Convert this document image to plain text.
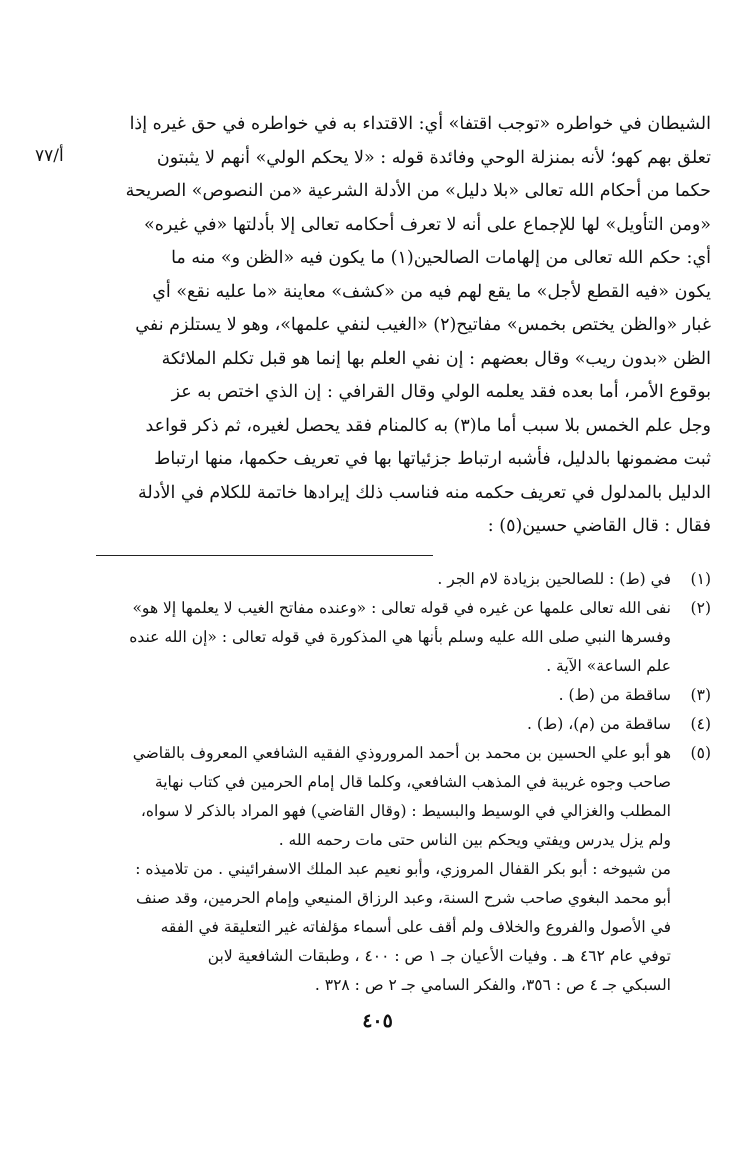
الشيطان في خواطره «توجب اقتفا» أي: الاقتداء به في خواطره في حق غيره إذا
تعلق بهم كهو؛ لأنه بمنزلة الوحي وفائدة قوله : «لا يحكم الولي» أنهم لا يثبتون
حكما من أحكام الله تعالى «بلا دليل» من الأدلة الشرعية «من النصوص» الصريحة
«ومن التأويل» لها للإجماع على أنه لا تعرف أحكامه تعالى إلا بأدلتها «في غيره»
أي: حكم الله تعالى من إلهامات الصالحين(١) ما يكون فيه «الظن و» منه ما
يكون «فيه القطع لأجل» ما يقع لهم فيه من «كشف» معاينة «ما عليه نقع» أي
غبار «والظن يختص بخمس» مفاتيح(٢) «الغيب لنفي علمها»، وهو لا يستلزم نفي
الظن «بدون ريب» وقال بعضهم : إن نفي العلم بها إنما هو قبل تكلم الملائكة
بوقوع الأمر، أما بعده فقد يعلمه الولي وقال القرافي : إن الذي اختص به عز
وجل علم الخمس بلا سبب أما ما(٣) به كالمنام فقد يحصل لغيره، ثم ذكر قواعد
ثبت مضمونها بالدليل، فأشبه ارتباط جزئياتها بها في تعريف حكمها، منها ارتباط
الدليل بالمدلول في تعريف حكمه منه فناسب ذلك إيرادها خاتمة للكلام في الأدلة
فقال : قال القاضي حسين(٥) :
أ/٧٧
(١)
في (ط) : للصالحين بزيادة لام الجر .
(٢)
نفى الله تعالى علمها عن غيره في قوله تعالى : «وعنده مفاتح الغيب لا يعلمها إلا هو»
وفسرها النبي صلى الله عليه وسلم بأنها هي المذكورة في قوله تعالى : «إن الله عنده
علم الساعة» الآية .
(٣)
ساقطة من (ط) .
(٤)
ساقطة من (م)، (ط) .
(٥)
هو أبو علي الحسين بن محمد بن أحمد المروروذي الفقيه الشافعي المعروف بالقاضي
صاحب وجوه غريبة في المذهب الشافعي، وكلما قال إمام الحرمين في كتاب نهاية
المطلب والغزالي في الوسيط والبسيط : (وقال القاضي) فهو المراد بالذكر لا سواه،
ولم يزل يدرس ويفتي ويحكم بين الناس حتى مات رحمه الله .
من شيوخه : أبو بكر القفال المروزي، وأبو نعيم عبد الملك الاسفرائيني . من تلاميذه :
أبو محمد البغوي صاحب شرح السنة، وعبد الرزاق المنيعي وإمام الحرمين، وقد صنف
في الأصول والفروع والخلاف ولم أقف على أسماء مؤلفاته غير التعليقة في الفقه
توفي عام ٤٦٢ هـ . وفيات الأعيان جـ ١ ص : ٤٠٠ ، وطبقات الشافعية لابن
السبكي جـ ٤ ص : ٣٥٦، والفكر السامي جـ ٢ ص : ٣٢٨ .
٤٠٥
